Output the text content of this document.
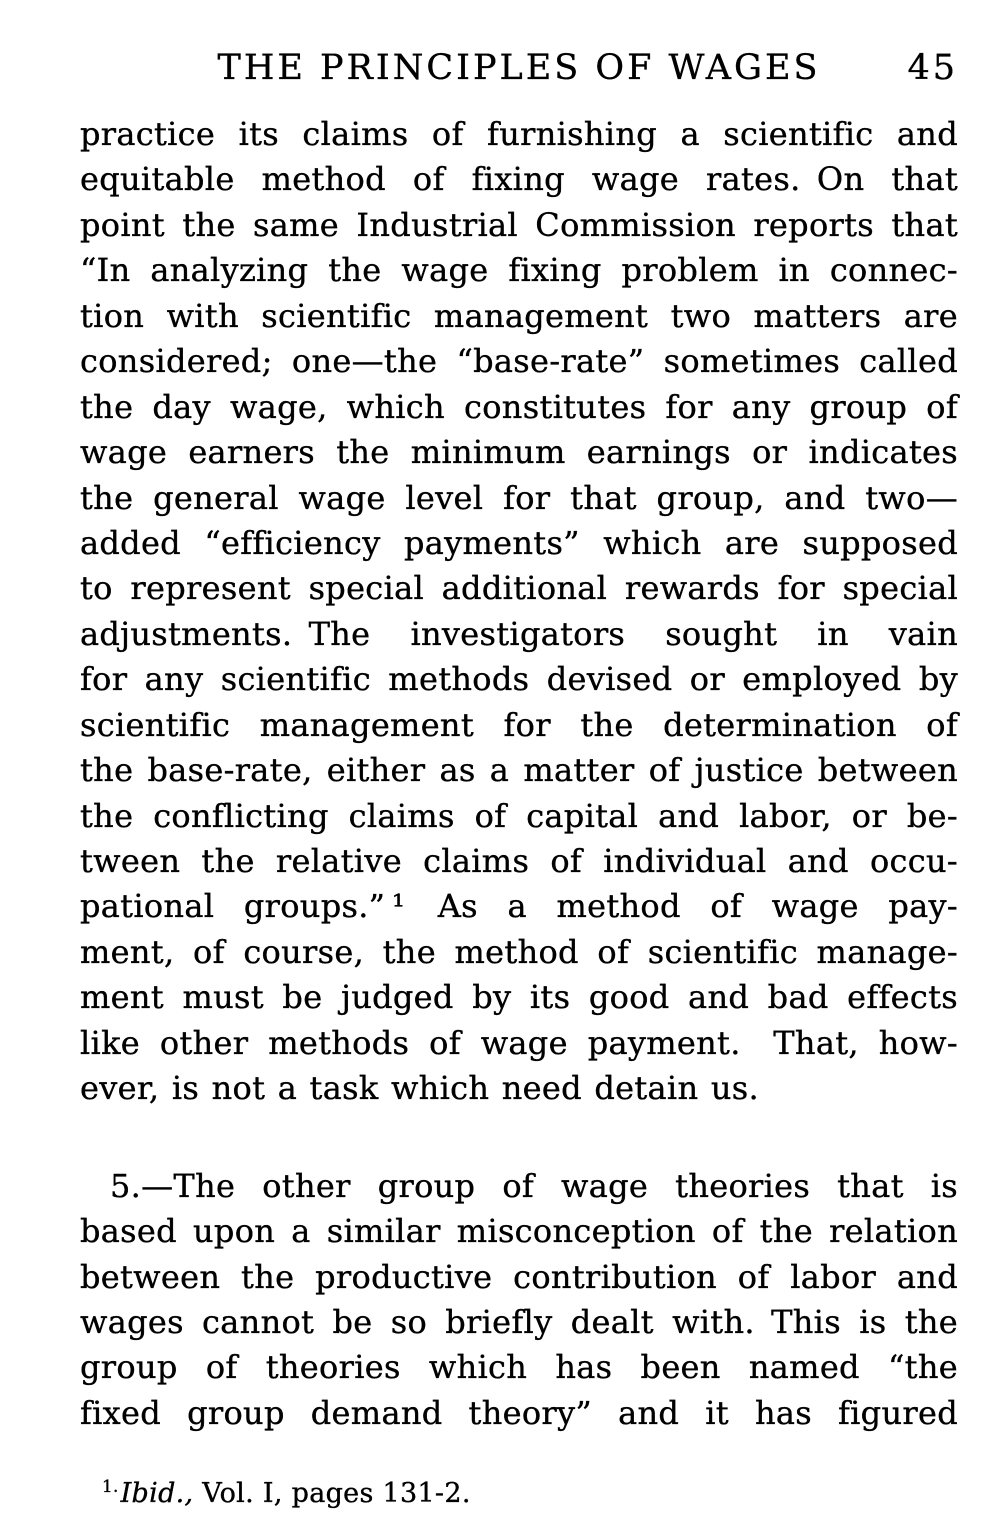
THE PRINCIPLES OF WAGES	45
practice its claims of furnishing a scientific and
equitable method of fixing wage rates. On that
point the same Industrial Commission reports that
“In analyzing the wage fixing problem in connec-
tion with scientific management two matters are
considered; one—the “base-rate” sometimes called
the day wage, which constitutes for any group of
wage earners the minimum earnings or indicates
the general wage level for that group, and two—
added “efficiency payments” which are supposed
to represent special additional rewards for special
adjustments. The investigators sought in vain
for any scientific methods devised or employed by
scientific management for the determination of
the base-rate, either as a matter of justice between
the conflicting claims of capital and labor, or be-
tween the relative claims of individual and occu-
pational groups.” ¹  As a method of wage pay-
ment, of course, the method of scientific manage-
ment must be judged by its good and bad effects
like other methods of wage payment.  That, how-
ever, is not a task which need detain us.
5.—The other group of wage theories that is
based upon a similar misconception of the relation
between the productive contribution of labor and
wages cannot be so briefly dealt with. This is the
group of theories which has been named “the
fixed group demand theory” and it has figured
$^{1.}$Ibid., Vol. I, pages 131-2.
